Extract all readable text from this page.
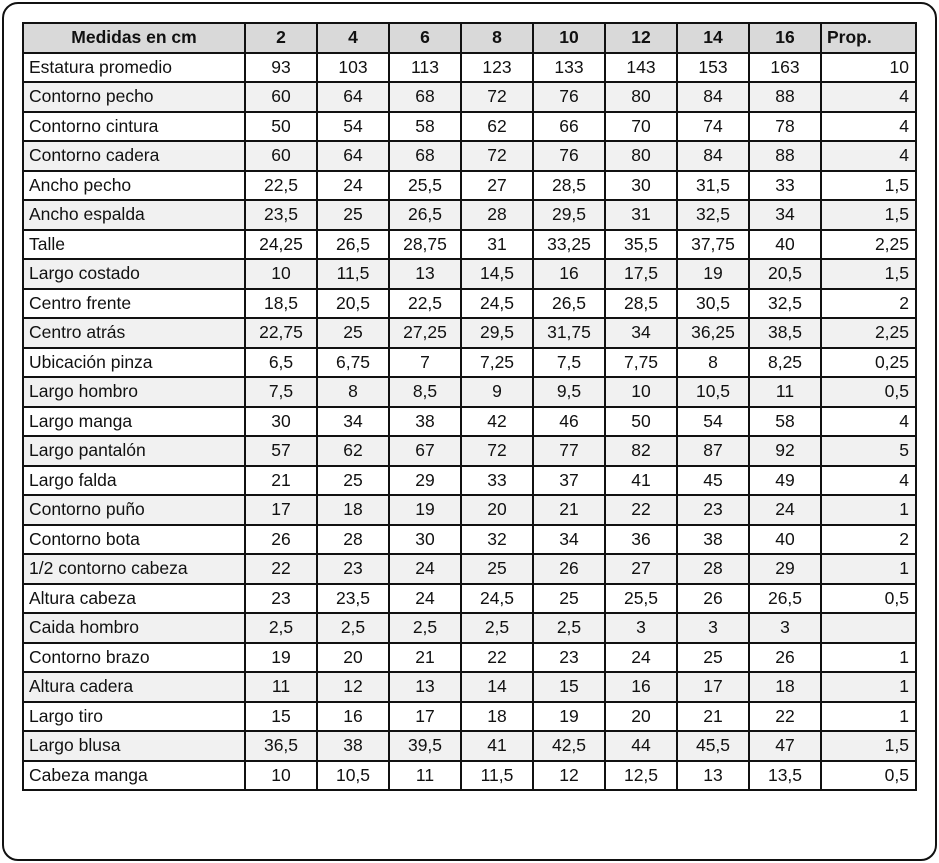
Medidas en cm	2	4	6	8	10	12	14	16	Prop.
Estatura promedio	93	103	113	123	133	143	153	163	10
Contorno pecho	60	64	68	72	76	80	84	88	4
Contorno cintura	50	54	58	62	66	70	74	78	4
Contorno cadera	60	64	68	72	76	80	84	88	4
Ancho pecho	22,5	24	25,5	27	28,5	30	31,5	33	1,5
Ancho espalda	23,5	25	26,5	28	29,5	31	32,5	34	1,5
Talle	24,25	26,5	28,75	31	33,25	35,5	37,75	40	2,25
Largo costado	10	11,5	13	14,5	16	17,5	19	20,5	1,5
Centro frente	18,5	20,5	22,5	24,5	26,5	28,5	30,5	32,5	2
Centro atrás	22,75	25	27,25	29,5	31,75	34	36,25	38,5	2,25
Ubicación pinza	6,5	6,75	7	7,25	7,5	7,75	8	8,25	0,25
Largo hombro	7,5	8	8,5	9	9,5	10	10,5	11	0,5
Largo manga	30	34	38	42	46	50	54	58	4
Largo pantalón	57	62	67	72	77	82	87	92	5
Largo falda	21	25	29	33	37	41	45	49	4
Contorno puño	17	18	19	20	21	22	23	24	1
Contorno bota	26	28	30	32	34	36	38	40	2
1/2 contorno cabeza	22	23	24	25	26	27	28	29	1
Altura cabeza	23	23,5	24	24,5	25	25,5	26	26,5	0,5
Caida hombro	2,5	2,5	2,5	2,5	2,5	3	3	3	
Contorno brazo	19	20	21	22	23	24	25	26	1
Altura cadera	11	12	13	14	15	16	17	18	1
Largo tiro	15	16	17	18	19	20	21	22	1
Largo blusa	36,5	38	39,5	41	42,5	44	45,5	47	1,5
Cabeza manga	10	10,5	11	11,5	12	12,5	13	13,5	0,5
